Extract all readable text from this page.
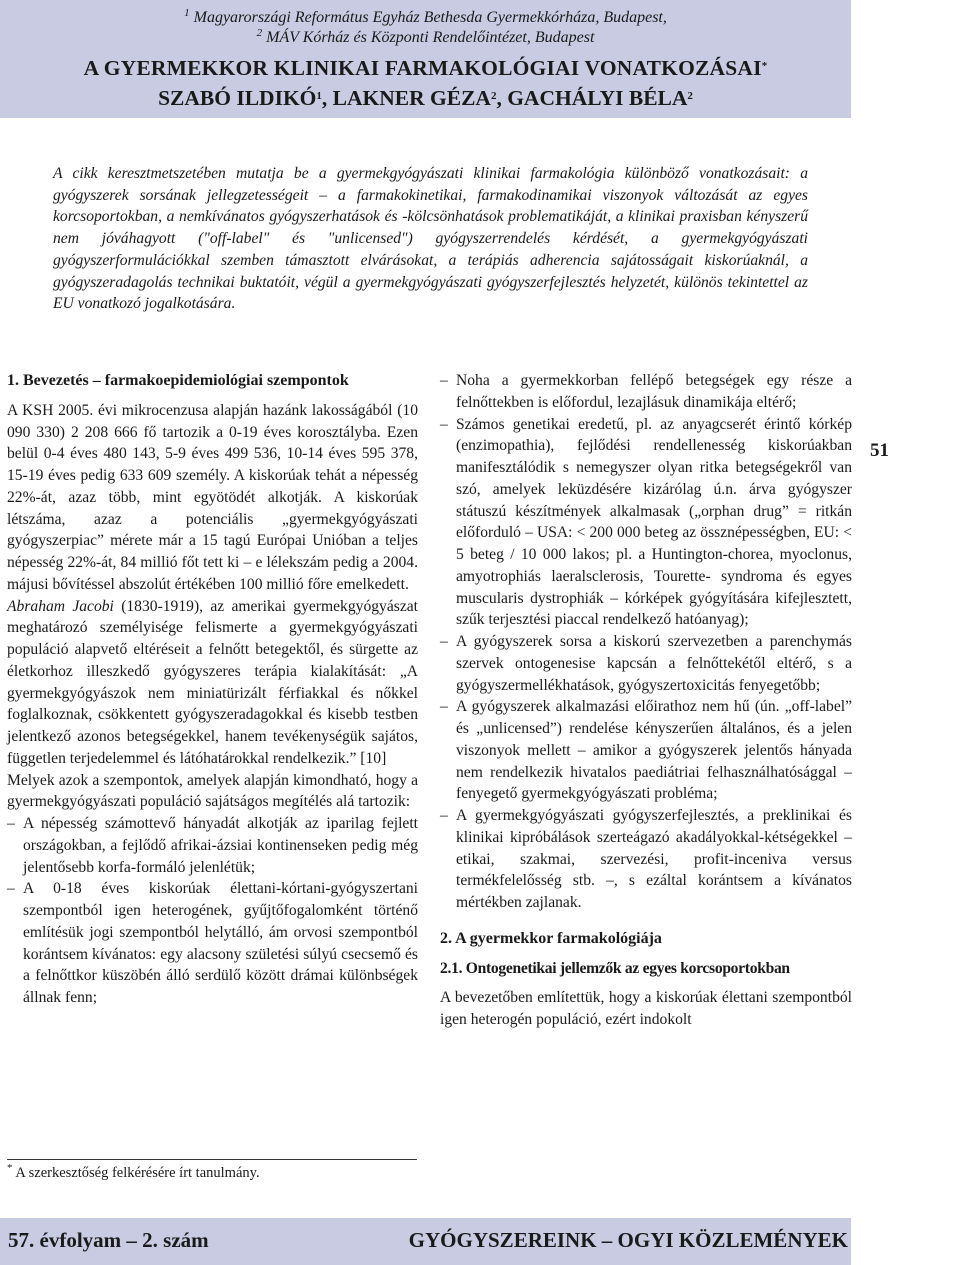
$^1$ Magyarországi Református Egyház Bethesda Gyermekkórháza, Budapest,
$^2$ MÁV Kórház és Központi Rendelőintézet, Budapest
A GYERMEKKOR KLINIKAI FARMAKOLÓGIAI VONATKOZÁSAI*
SZABÓ ILDIKÓ$^1$, LAKNER GÉZA$^2$, GACHÁLYI BÉLA$^2$
A cikk keresztmetszetében mutatja be a gyermekgyógyászati klinikai farmakológia különböző vonatkozásait: a gyógyszerek sorsának jellegzetességeit – a farmakokinetikai, farmakodinamikai viszonyok változását az egyes korcsoportokban, a nemkívánatos gyógyszerhatások és -kölcsönhatások problematikáját, a klinikai praxisban kényszerű nem jóváhagyott ("off-label" és "unlicensed") gyógyszerrendelés kérdését, a gyermekgyógyászati gyógyszerformulációkkal szemben támasztott elvárásokat, a terápiás adherencia sajátosságait kiskorúaknál, a gyógyszeradagolás technikai buktatóit, végül a gyermekgyógyászati gyógyszerfejlesztés helyzetét, különös tekintettel az EU vonatkozó jogalkotására.
1. Bevezetés – farmakoepidemiológiai szempontok

A KSH 2005. évi mikrocenzusa alapján hazánk lakosságából (10 090 330) 2 208 666 fő tartozik a 0-19 éves korosztályba. Ezen belül 0-4 éves 480 143, 5-9 éves 499 536, 10-14 éves 595 378, 15-19 éves pedig 633 609 személy. A kiskorúak tehát a népesség 22%-át, azaz több, mint egyötödét alkotják. A kiskorúak létszáma, azaz a potenciális „gyermekgyógyászati gyógyszerpiac” mérete már a 15 tagú Európai Unióban a teljes népesség 22%-át, 84 millió főt tett ki – e lélekszám pedig a 2004. májusi bővítéssel abszolút értékében 100 millió főre emelkedett.

Abraham Jacobi (1830-1919), az amerikai gyermekgyógyászat meghatározó személyisége felismerte a gyermekgyógyászati populáció alapvető eltéréseit a felnőtt betegektől, és sürgette az életkorhoz illeszkedő gyógyszeres terápia kialakítását: „A gyermekgyógyászok nem miniatürizált férfiakkal és nőkkel foglalkoznak, csökkentett gyógyszeradagokkal és kisebb testben jelentkező azonos betegségekkel, hanem tevékenységük sajátos, független terjedelemmel és látóhatárokkal rendelkezik.” [10]

Melyek azok a szempontok, amelyek alapján kimondható, hogy a gyermekgyógyászati populáció sajátságos megítélés alá tartozik:

– A népesség számottevő hányadát alkotják az iparilag fejlett országokban, a fejlődő afrikai-ázsiai kontinenseken pedig még jelentősebb korfa-formáló jelenlétük;
– A 0-18 éves kiskorúak élettani-kórtani-gyógyszertani szempontból igen heterogének, gyűjtőfogalomként történő említésük jogi szempontból helytálló, ám orvosi szempontból korántsem kívánatos: egy alacsony születési súlyú csecsemő és a felnőttkor küszöbén álló serdülő között drámai különbségek állnak fenn;
– Noha a gyermekkorban fellépő betegségek egy része a felnőttekben is előfordul, lezajlásuk dinamikája eltérő;
– Számos genetikai eredetű, pl. az anyagcserét érintő kórkép (enzimopathia), fejlődési rendellenesség kiskorúakban manifesztálódik s nemegyszer olyan ritka betegségekről van szó, amelyek leküzdésére kizárólag ú.n. árva gyógyszer státuszú készítmények alkalmasak („orphan drug” = ritkán előforduló – USA: < 200 000 beteg az össznépességben, EU: < 5 beteg / 10 000 lakos; pl. a Huntington-chorea, myoclonus, amyotrophiás laeralsclerosis, Tourette- syndroma és egyes muscularis dystrophiák – kórképek gyógyítására kifejlesztett, szűk terjesztési piaccal rendelkező hatóanyag);
– A gyógyszerek sorsa a kiskorú szervezetben a parenchymás szervek ontogenesise kapcsán a felnőttekétől eltérő, s a gyógyszermellékhatások, gyógyszertoxicitás fenyegetőbb;
– A gyógyszerek alkalmazási előirathoz nem hű (ún. „off-label” és „unlicensed”) rendelése kényszerűen általános, és a jelen viszonyok mellett – amikor a gyógyszerek jelentős hányada nem rendelkezik hivatalos paediátriai felhasználhatósággal – fenyegető gyermekgyógyászati probléma;
– A gyermekgyógyászati gyógyszerfejlesztés, a preklinikai és klinikai kipróbálások szerteágazó akadályokkal-kétségekkel – etikai, szakmai, szervezési, profit-inceniva versus termékfelelősség stb. –, s ezáltal korántsem a kívánatos mértékben zajlanak.
2. A gyermekkor farmakológiája
2.1. Ontogenetikai jellemzők az egyes korcsoportokban

A bevezetőben említettük, hogy a kiskorúak élettani szempontból igen heterogén populáció, ezért indokolt

51
* A szerkesztőség felkérésére írt tanulmány.
57. évfolyam – 2. szám	GYÓGYSZEREINK – OGYI KÖZLEMÉNYEK
